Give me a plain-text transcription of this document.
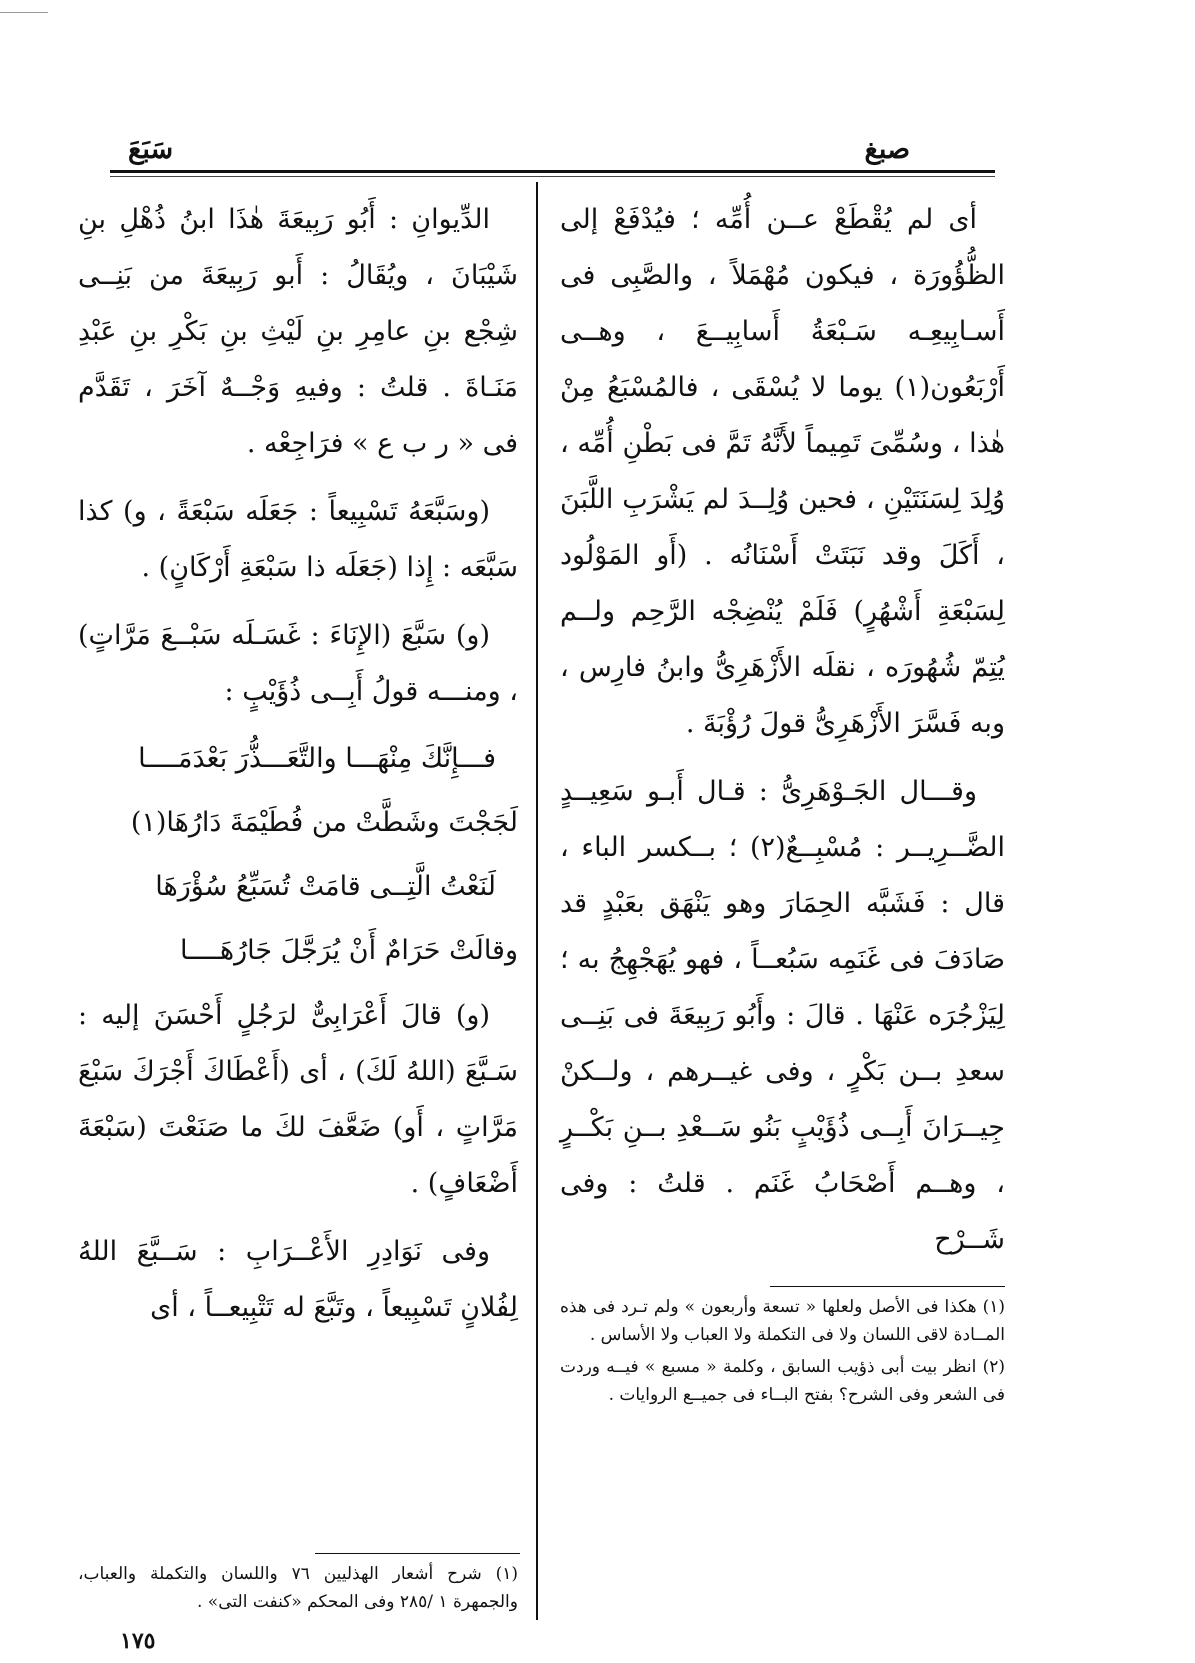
صبغ
سَبَعَ

أى لم يُقْطَعْ عــن أُمِّه ؛ فيُدْفَعْ إلى الظُّؤُورَة ، فيكون مُهْمَلاً ، والصَّبِى فى أَسـابِيعِـه سَـبْعَةُ أَسابِيــعَ ، وهــى أَرْبَعُون(١) يوما لا يُسْقَى ، فالمُسْبَعُ مِنْ هٰذا ، وسُمِّىَ تَمِيماً لأَنَّهُ تَمَّ فى بَطْنِ أُمِّه ، وُلِدَ لِسَنَتَيْنِ ، فحين وُلِــدَ لم يَشْرَبِ اللَّبَنَ ، أَكَلَ وقد نَبَتَتْ أَسْنَانُه . (أَو المَوْلُود لِسَبْعَةِ أَشْهُرٍ) فَلَمْ يُنْضِجْه الرَّحِم ولــم يُتِمّ شُهُورَه ، نقلَه الأَزْهَرِىُّ وابنُ فارِس ، وبه فَسَّرَ الأَزْهَرِىُّ قولَ رُؤْبَةَ .

وقـــال الجَـوْهَرِىُّ : قـال أَبـو سَعِيــدٍ الضَّــرِيــر : مُسْبِــعٌ(٢) ؛ بــكسر الباء ، قال : فَشَبَّه الحِمَارَ وهو يَنْهَق بعَبْدٍ قد صَادَفَ فى غَنَمِه سَبُعــاً ، فهو يُهَجْهِجُ به ؛ لِيَزْجُرَه عَنْهَا . قالَ : وأَبُو رَبِيعَةَ فى بَنِــى سعدِ بــن بَكْرٍ ، وفى غيــرهم ، ولــكنْ جِيــرَانَ أَبِــى ذُؤَيْبٍ بَنُو سَــعْدِ بــنِ بَكْــرٍ ، وهــم أَصْحَابُ غَنَم . قلتُ : وفى شَــرْح

(١) هكذا فى الأصل ولعلها « تسعة وأربعون » ولم تـرد فى هذه المــادة لاقى اللسان ولا فى التكملة ولا العباب ولا الأساس .

(٢) انظر بيت أبى ذؤيب السابق ، وكلمة « مسبع » فيــه وردت فى الشعر وفى الشرح؟ بفتح البــاء فى جميــع الروايات .

الدِّيوانِ : أَبُو رَبِيعَةَ هٰذَا ابنُ ذُهْلِ بنِ شَيْبَانَ ، ويُقَالُ : أَبو رَبِيعَةَ من بَنِــى شِجْع بنِ عامِرِ بنِ لَيْثِ بنِ بَكْرِ بنِ عَبْدِ مَنَـاةَ . قلتُ : وفيهِ وَجْــهٌ آخَرَ ، تَقَدَّم فى « ر ب ع » فرَاجِعْه .

(وسَبَّعَهُ تَسْبِيعاً : جَعَلَه سَبْعَةً ، و) كذا سَبَّعَه : إِذا (جَعَلَه ذا سَبْعَةِ أَرْكَانٍ) .

(و) سَبَّعَ (الإِنَاءَ : غَسَـلَه سَبْــعَ مَرَّاتٍ) ، ومنـــه قولُ أَبِــى ذُؤَيْبٍ :

فـــإِنَّكَ مِنْهَـــا والتَّعَـــذُّرَ بَعْدَمَــــا
لَجَجْتَ وشَطَّتْ من فُطَيْمَةَ دَارُهَا(١)
لَنَعْتُ الَّتِــى قامَتْ تُسَبِّعُ سُؤْرَهَا
وقالَتْ حَرَامٌ أَنْ يُرَجَّلَ جَارُهَــــا

(و) قالَ أَعْرَابِىٌّ لرَجُلٍ أَحْسَنَ إليه : سَـبَّعَ (اللهُ لَكَ) ، أى (أَعْطَاكَ أَجْرَكَ سَبْعَ مَرَّاتٍ ، أَو) ضَعَّفَ لكَ ما صَنَعْتَ (سَبْعَةَ أَضْعَافٍ) .

وفى نَوَادِرِ الأَعْــرَابِ : سَــبَّعَ اللهُ لِفُلانٍ تَسْبِيعاً ، وتَبَّعَ له تَتْبِيعــاً ، أى

(١) شرح أشعار الهذليين ٧٦ واللسان والتكملة والعباب، والجمهرة ١ /٢٨٥ وفى المحكم «كنفت التى» .

١٧٥
